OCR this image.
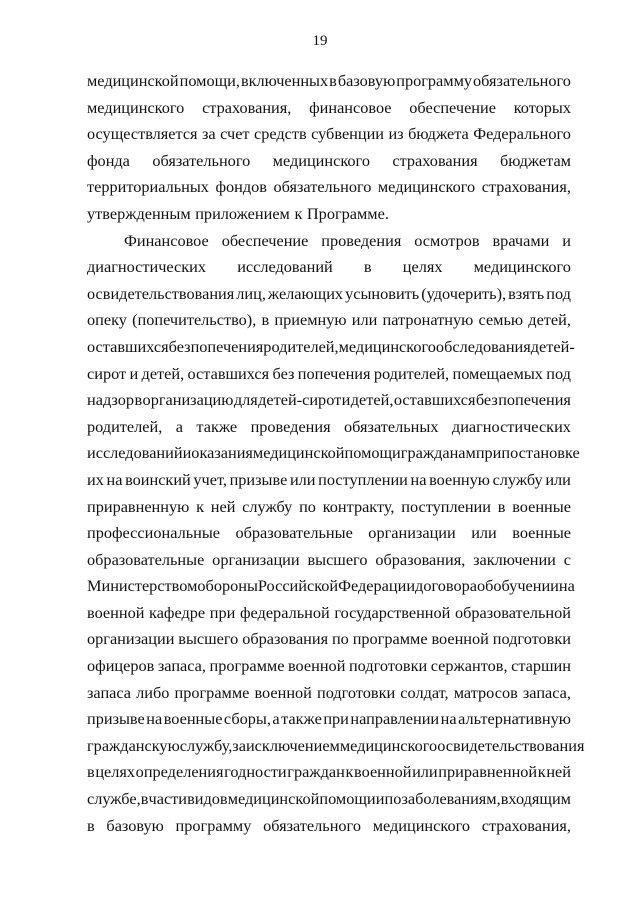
19
медицинской помощи, включенных в базовую программу обязательного
медицинского страхования, финансовое обеспечение которых
осуществляется за счет средств субвенции из бюджета Федерального
фонда обязательного медицинского страхования бюджетам
территориальных фондов обязательного медицинского страхования,
утвержденным приложением к Программе.
Финансовое обеспечение проведения осмотров врачами и
диагностических исследований в целях медицинского
освидетельствования лиц, желающих усыновить (удочерить), взять под
опеку (попечительство), в приемную или патронатную семью детей,
оставшихся без попечения родителей, медицинского обследования детей-
сирот и детей, оставшихся без попечения родителей, помещаемых под
надзор в организацию для детей-сирот и детей, оставшихся без попечения
родителей, а также проведения обязательных диагностических
исследований и оказания медицинской помощи гражданам при постановке
их на воинский учет, призыве или поступлении на военную службу или
приравненную к ней службу по контракту, поступлении в военные
профессиональные образовательные организации или военные
образовательные организации высшего образования, заключении с
Министерством обороны Российской Федерации договора об обучении на
военной кафедре при федеральной государственной образовательной
организации высшего образования по программе военной подготовки
офицеров запаса, программе военной подготовки сержантов, старшин
запаса либо программе военной подготовки солдат, матросов запаса,
призыве на военные сборы, а также при направлении на альтернативную
гражданскую службу, за исключением медицинского освидетельствования
в целях определения годности граждан к военной или приравненной к ней
службе, в части видов медицинской помощи и по заболеваниям, входящим
в базовую программу обязательного медицинского страхования,
